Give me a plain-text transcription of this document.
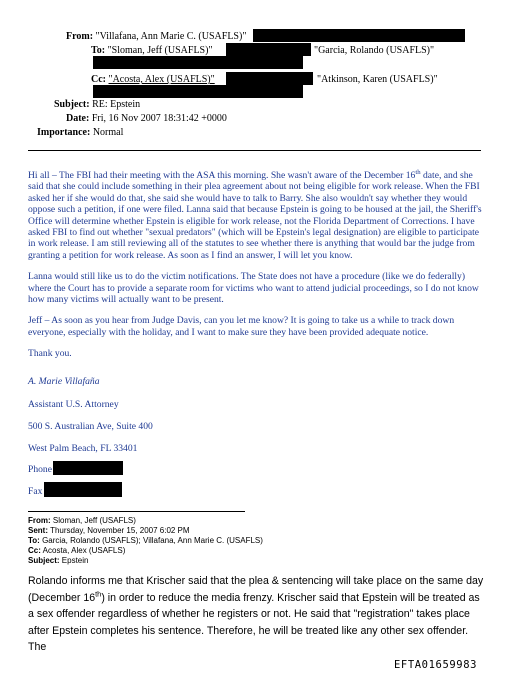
From: "Villafana, Ann Marie C. (USAFLS)"
To: "Sloman, Jeff (USAFLS)"	"Garcia, Rolando (USAFLS)"
Cc: "Acosta, Alex (USAFLS)"	"Atkinson, Karen (USAFLS)"
Subject: RE: Epstein
Date: Fri, 16 Nov 2007 18:31:42 +0000
Importance: Normal

Hi all – The FBI had their meeting with the ASA this morning. She wasn't aware of the December 16th date, and she said that she could include something in their plea agreement about not being eligible for work release. When the FBI asked her if she would do that, she said she would have to talk to Barry. She also wouldn't say whether they would oppose such a petition, if one were filed. Lanna said that because Epstein is going to be housed at the jail, the Sheriff's Office will determine whether Epstein is eligible for work release, not the Florida Department of Corrections. I have asked FBI to find out whether "sexual predators" (which will be Epstein's legal designation) are eligible to participate in work release. I am still reviewing all of the statutes to see whether there is anything that would bar the judge from granting a petition for work release. As soon as I find an answer, I will let you know.

Lanna would still like us to do the victim notifications. The State does not have a procedure (like we do federally) where the Court has to provide a separate room for victims who want to attend judicial proceedings, so I do not know how many victims will actually want to be present.

Jeff – As soon as you hear from Judge Davis, can you let me know? It is going to take us a while to track down everyone, especially with the holiday, and I want to make sure they have been provided adequate notice.

Thank you.

A. Marie Villafaña
Assistant U.S. Attorney
500 S. Australian Ave, Suite 400
West Palm Beach, FL 33401
Phone
Fax
From: Sloman, Jeff (USAFLS)
Sent: Thursday, November 15, 2007 6:02 PM
To: Garcia, Rolando (USAFLS); Villafana, Ann Marie C. (USAFLS)
Cc: Acosta, Alex (USAFLS)
Subject: Epstein

Rolando informs me that Krischer said that the plea & sentencing will take place on the same day (December 16th) in order to reduce the media frenzy. Krischer said that Epstein will be treated as a sex offender regardless of whether he registers or not. He said that "registration" takes place after Epstein completes his sentence. Therefore, he will be treated like any other sex offender. The

EFTA01659983
